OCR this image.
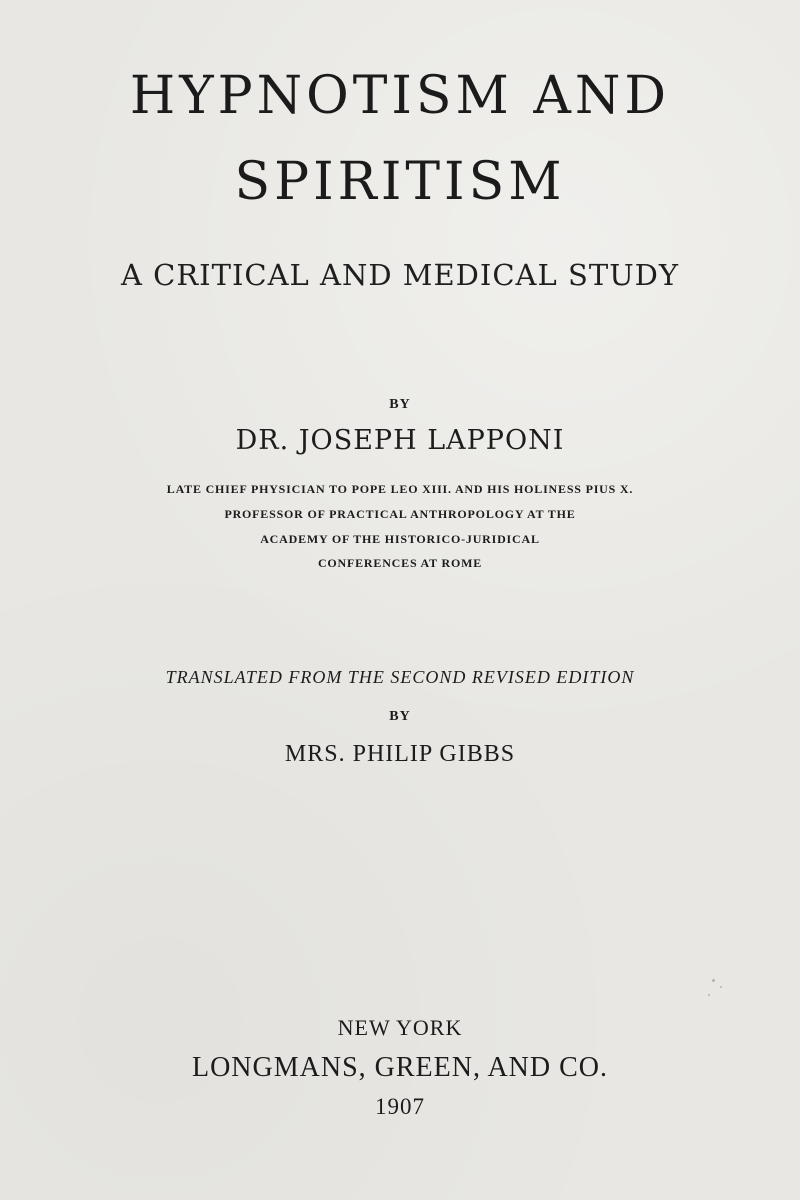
HYPNOTISM AND
SPIRITISM
A CRITICAL AND MEDICAL STUDY
BY
DR. JOSEPH LAPPONI
LATE CHIEF PHYSICIAN TO POPE LEO XIII. AND HIS HOLINESS PIUS X.
PROFESSOR OF PRACTICAL ANTHROPOLOGY AT THE
ACADEMY OF THE HISTORICO-JURIDICAL
CONFERENCES AT ROME
TRANSLATED FROM THE SECOND REVISED EDITION
BY
MRS. PHILIP GIBBS
NEW YORK
LONGMANS, GREEN, AND CO.
1907
